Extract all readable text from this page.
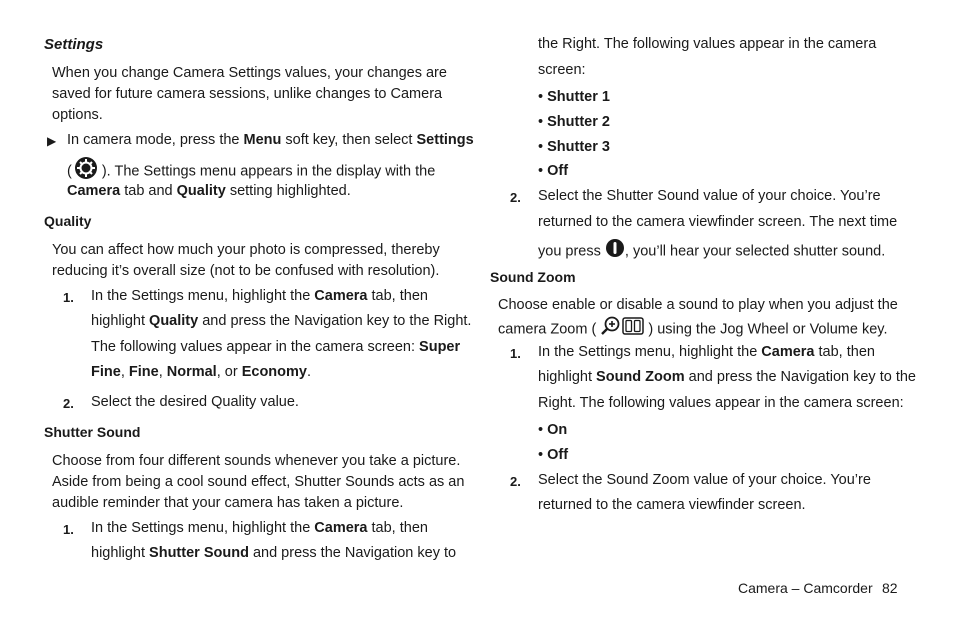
Settings

When you change Camera Settings values, your changes are

saved for future camera sessions, unlike changes to Camera

options.

▶ In camera mode, press the Menu soft key, then select Settings

( ). The Settings menu appears in the display with the

Camera tab and Quality setting highlighted.

Quality

You can affect how much your photo is compressed, thereby

reducing it’s overall size (not to be confused with resolution).

1. In the Settings menu, highlight the Camera tab, then

highlight Quality and press the Navigation key to the Right.

The following values appear in the camera screen: Super

Fine, Fine, Normal, or Economy.

2. Select the desired Quality value.

Shutter Sound

Choose from four different sounds whenever you take a picture.

Aside from being a cool sound effect, Shutter Sounds acts as an

audible reminder that your camera has taken a picture.

1. In the Settings menu, highlight the Camera tab, then

highlight Shutter Sound and press the Navigation key to

the Right. The following values appear in the camera

screen:

• Shutter 1

• Shutter 2

• Shutter 3

• Off

2. Select the Shutter Sound value of your choice. You’re

returned to the camera viewfinder screen. The next time

you press , you’ll hear your selected shutter sound.

Sound Zoom

Choose enable or disable a sound to play when you adjust the

camera Zoom (	) using the Jog Wheel or Volume key.

1. In the Settings menu, highlight the Camera tab, then

highlight Sound Zoom and press the Navigation key to the

Right. The following values appear in the camera screen:

• On

• Off

2. Select the Sound Zoom value of your choice. You’re

returned to the camera viewfinder screen.

Camera – Camcorder 82
